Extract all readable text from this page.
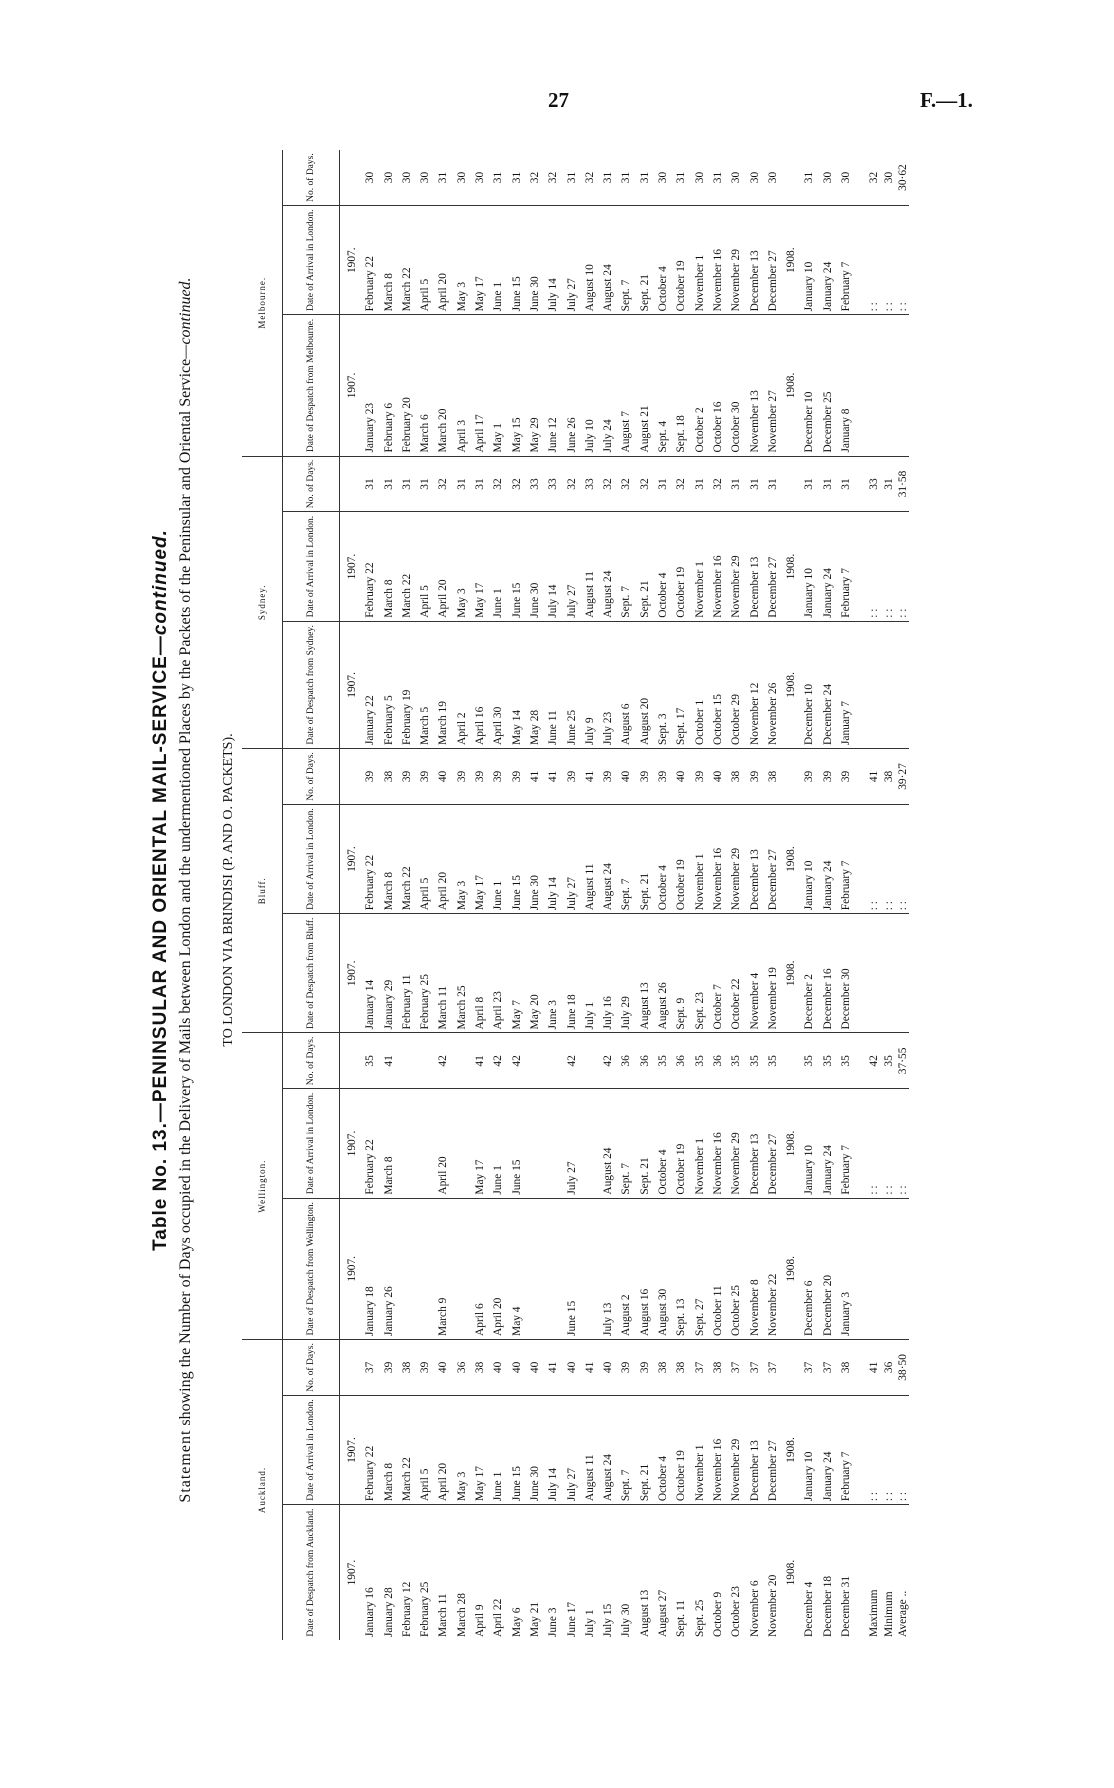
27	F.—1.
Table No. 13.—PENINSULAR AND ORIENTAL MAIL-SERVICE—continued.
Statement showing the Number of Days occupied in the Delivery of Mails between London and the undermentioned Places by the Packets of the Peninsular and Oriental Service—continued.
TO LONDON VIA BRINDISI (P. AND O. PACKETS).
Auckland.			Wellington.			Bluff.			Sydney.			Melbourne.		
Date of Despatch from Auckland.	Date of Arrival in London.	No. of Days.	Date of Despatch from Wellington.	Date of Arrival in London.	No. of Days.	Date of Despatch from Bluff.	Date of Arrival in London.	No. of Days.	Date of Despatch from Sydney.	Date of Arrival in London.	No. of Days.	Date of Despatch from Melbourne.	Date of Arrival in London.	No. of Days.

1907.	1907.		1907.	1907.		1907.	1907.		1907.	1907.		1907.	1907.	

January 16	February 22	37	January 18	February 22	35	January 14	February 22	39	January 22	February 22	31	January 23	February 22	30
January 28	March 8	39	January 26	March 8	41	January 29	March 8	38	February 5	March 8	31	February 6	March 8	30
February 12	March 22	38				February 11	March 22	39	February 19	March 22	31	February 20	March 22	30
February 25	April 5	39				February 25	April 5	39	March 5	April 5	31	March 6	April 5	30
March 11	April 20	40	March 9	April 20	42	March 11	April 20	40	March 19	April 20	32	March 20	April 20	31
March 28	May 3	36				March 25	May 3	39	April 2	May 3	31	April 3	May 3	30
April 9	May 17	38	April 6	May 17	41	April 8	May 17	39	April 16	May 17	31	April 17	May 17	30
April 22	June 1	40	April 20	June 1	42	April 23	June 1	39	April 30	June 1	32	May 1	June 1	31
May 6	June 15	40	May 4	June 15	42	May 7	June 15	39	May 14	June 15	32	May 15	June 15	31
May 21	June 30	40				May 20	June 30	41	May 28	June 30	33	May 29	June 30	32
June 3	July 14	41				June 3	July 14	41	June 11	July 14	33	June 12	July 14	32
June 17	July 27	40	June 15	July 27	42	June 18	July 27	39	June 25	July 27	32	June 26	July 27	31
July 1	August 11	41				July 1	August 11	41	July 9	August 11	33	July 10	August 10	32
July 15	August 24	40	July 13	August 24	42	July 16	August 24	39	July 23	August 24	32	July 24	August 24	31
July 30	Sept. 7	39	August 2	Sept. 7	36	July 29	Sept. 7	40	August 6	Sept. 7	32	August 7	Sept. 7	31
August 13	Sept. 21	39	August 16	Sept. 21	36	August 13	Sept. 21	39	August 20	Sept. 21	32	August 21	Sept. 21	31
August 27	October 4	38	August 30	October 4	35	August 26	October 4	39	Sept. 3	October 4	31	Sept. 4	October 4	30
Sept. 11	October 19	38	Sept. 13	October 19	36	Sept. 9	October 19	40	Sept. 17	October 19	32	Sept. 18	October 19	31
Sept. 25	November 1	37	Sept. 27	November 1	35	Sept. 23	November 1	39	October 1	November 1	31	October 2	November 1	30
October 9	November 16	38	October 11	November 16	36	October 7	November 16	40	October 15	November 16	32	October 16	November 16	31
October 23	November 29	37	October 25	November 29	35	October 22	November 29	38	October 29	November 29	31	October 30	November 29	30
November 6	December 13	37	November 8	December 13	35	November 4	December 13	39	November 12	December 13	31	November 13	December 13	30
November 20	December 27	37	November 22	December 27	35	November 19	December 27	38	November 26	December 27	31	November 27	December 27	30

1908.	1908.		1908.	1908.		1908.	1908.		1908.	1908.		1908.	1908.	

December 4	January 10	37	December 6	January 10	35	December 2	January 10	39	December 10	January 10	31	December 10	January 10	31
December 18	January 24	37	December 20	January 24	35	December 16	January 24	39	December 24	January 24	31	December 25	January 24	30
December 31	February 7	38	January 3	February 7	35	December 30	February 7	39	January 7	February 7	31	January 8	February 7	30

Maximum	: :	41		: :	42		: :	41		: :	33		: :	32
Minimum	: :	36		: :	35		: :	38		: :	31		: :	30
Average ..	: :	38·50		: :	37·55		: :	39·27		: :	31·58		: :	30·62
